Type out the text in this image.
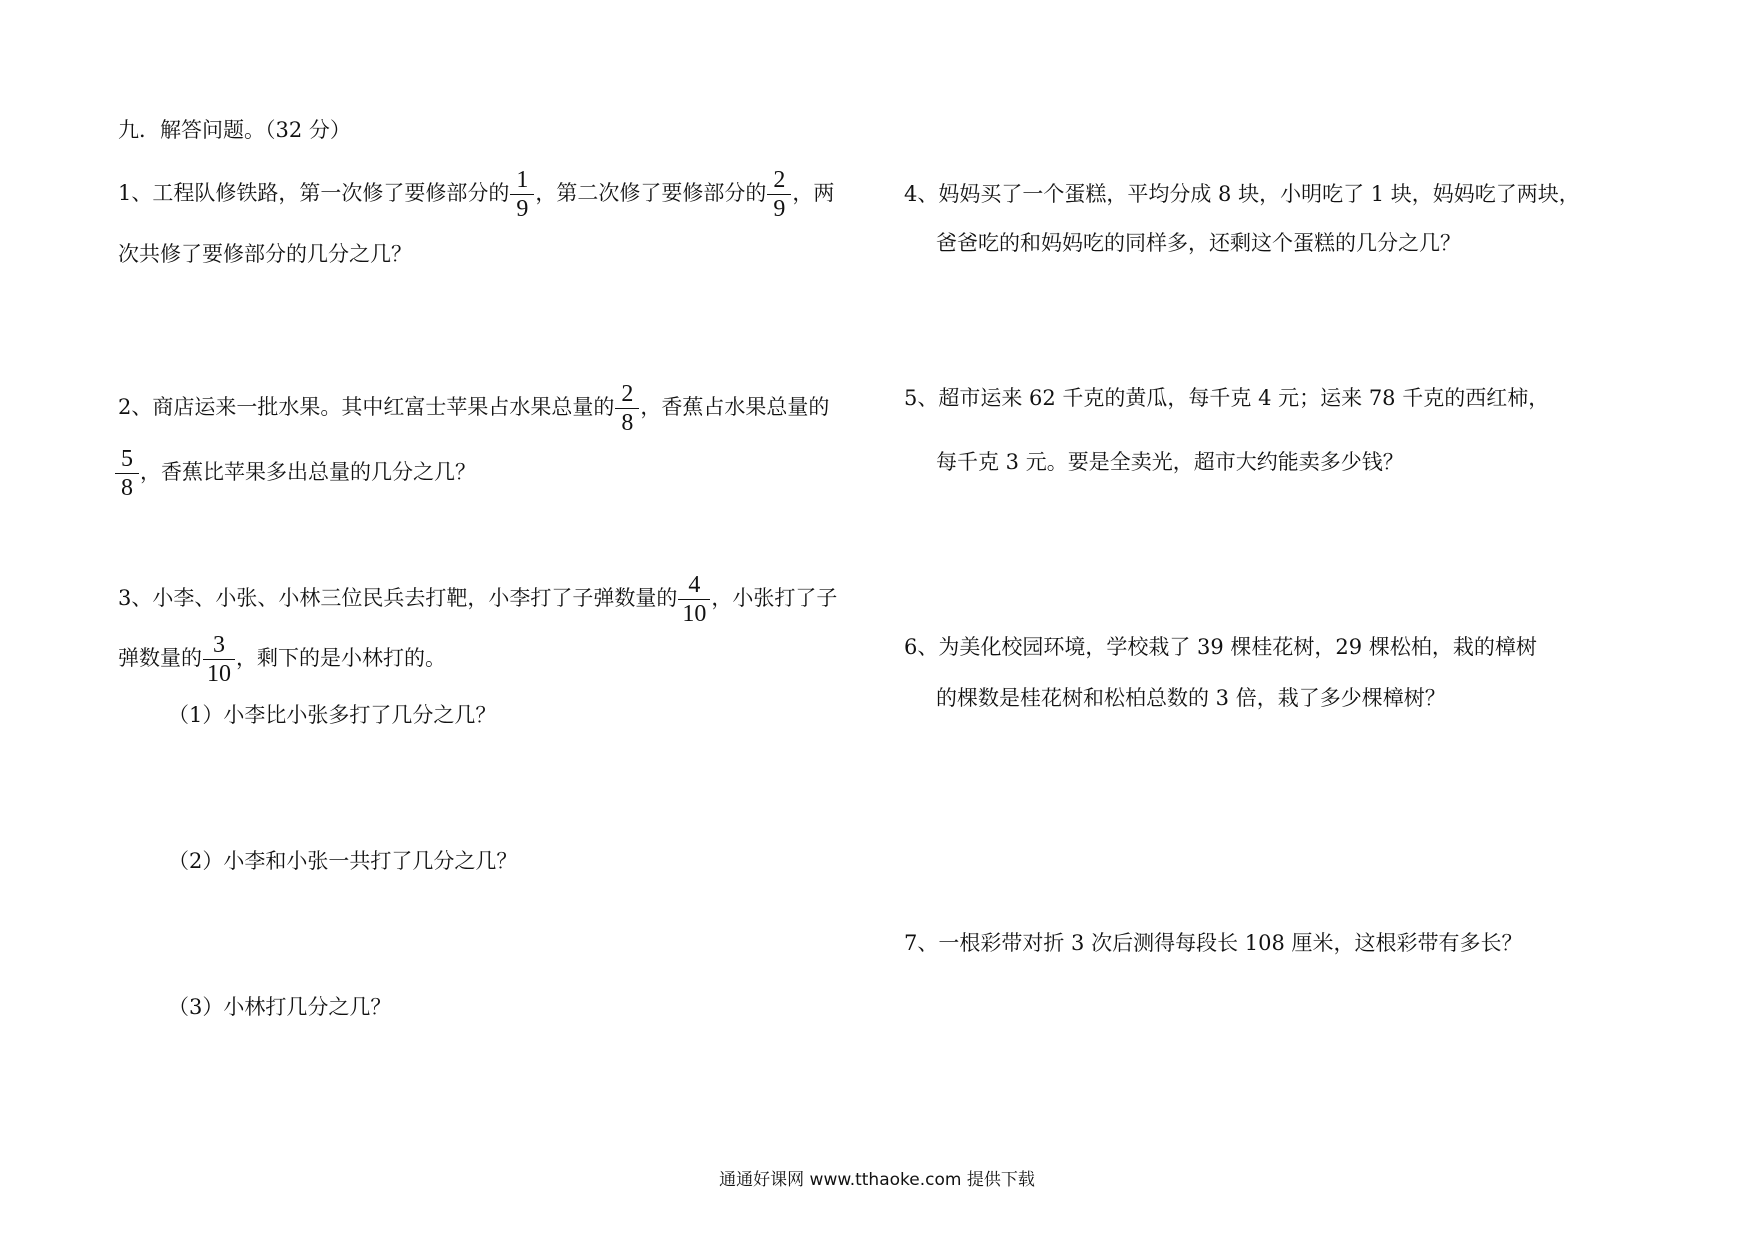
九．解答问题。（32 分）
1、工程队修铁路，第一次修了要修部分的 $\frac{1}{9}$ ，第二次修了要修部分的 $\frac{2}{9}$ ，两
次共修了要修部分的几分之几？
2、商店运来一批水果。其中红富士苹果占水果总量的 $\frac{2}{8}$ ，香蕉占水果总量的
$\frac{5}{8}$ ，香蕉比苹果多出总量的几分之几？
3、小李、小张、小林三位民兵去打靶，小李打了子弹数量的 $\frac{4}{10}$ ，小张打了子
弹数量的 $\frac{3}{10}$ ，剩下的是小林打的。
（1）小李比小张多打了几分之几？
（2）小李和小张一共打了几分之几？
（3）小林打几分之几？
4、妈妈买了一个蛋糕，平均分成 8 块，小明吃了 1 块，妈妈吃了两块，
爸爸吃的和妈妈吃的同样多，还剩这个蛋糕的几分之几？
5、超市运来 62 千克的黄瓜，每千克 4 元；运来 78 千克的西红柿，
每千克 3 元。要是全卖光，超市大约能卖多少钱？
6、为美化校园环境，学校栽了 39 棵桂花树，29 棵松柏，栽的樟树
的棵数是桂花树和松柏总数的 3 倍，栽了多少棵樟树？
7、一根彩带对折 3 次后测得每段长 108 厘米，这根彩带有多长？
通通好课网 www.tthaoke.com 提供下载
